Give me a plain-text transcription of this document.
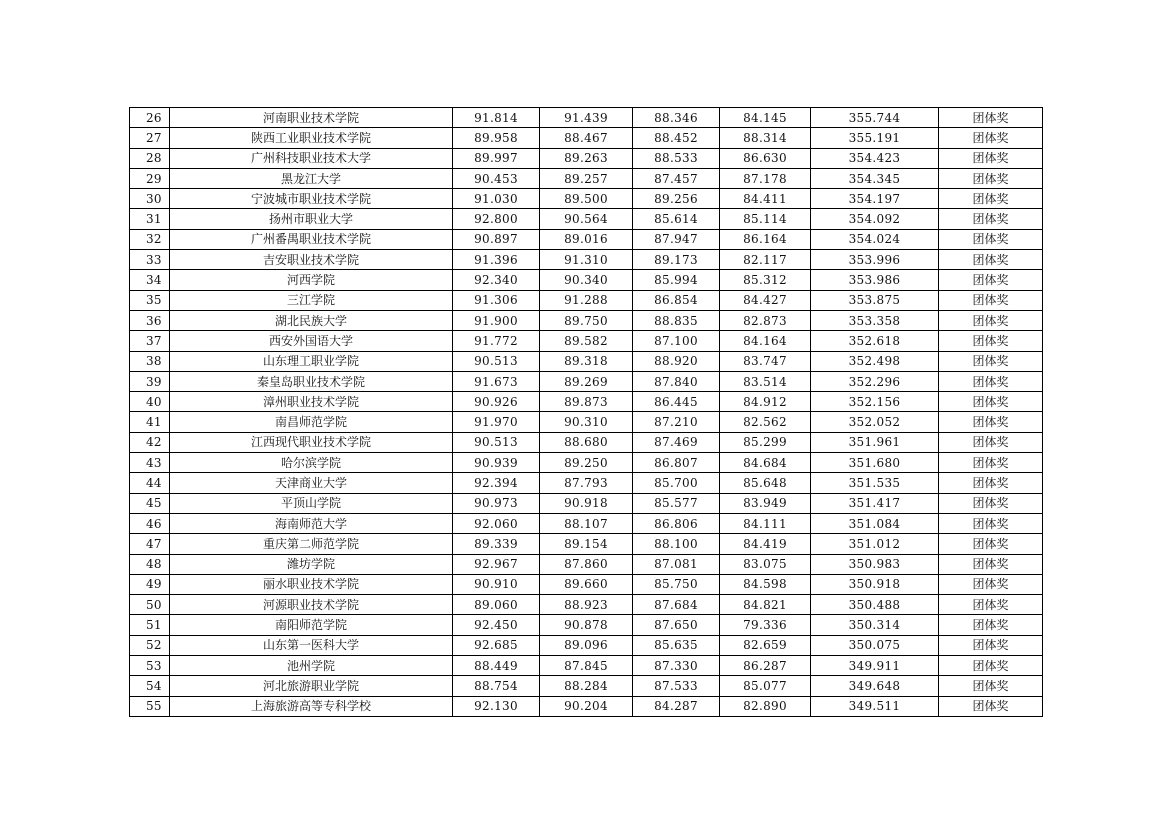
26	河南职业技术学院	91.814	91.439	88.346	84.145	355.744	团体奖
27	陕西工业职业技术学院	89.958	88.467	88.452	88.314	355.191	团体奖
28	广州科技职业技术大学	89.997	89.263	88.533	86.630	354.423	团体奖
29	黑龙江大学	90.453	89.257	87.457	87.178	354.345	团体奖
30	宁波城市职业技术学院	91.030	89.500	89.256	84.411	354.197	团体奖
31	扬州市职业大学	92.800	90.564	85.614	85.114	354.092	团体奖
32	广州番禺职业技术学院	90.897	89.016	87.947	86.164	354.024	团体奖
33	吉安职业技术学院	91.396	91.310	89.173	82.117	353.996	团体奖
34	河西学院	92.340	90.340	85.994	85.312	353.986	团体奖
35	三江学院	91.306	91.288	86.854	84.427	353.875	团体奖
36	湖北民族大学	91.900	89.750	88.835	82.873	353.358	团体奖
37	西安外国语大学	91.772	89.582	87.100	84.164	352.618	团体奖
38	山东理工职业学院	90.513	89.318	88.920	83.747	352.498	团体奖
39	秦皇岛职业技术学院	91.673	89.269	87.840	83.514	352.296	团体奖
40	漳州职业技术学院	90.926	89.873	86.445	84.912	352.156	团体奖
41	南昌师范学院	91.970	90.310	87.210	82.562	352.052	团体奖
42	江西现代职业技术学院	90.513	88.680	87.469	85.299	351.961	团体奖
43	哈尔滨学院	90.939	89.250	86.807	84.684	351.680	团体奖
44	天津商业大学	92.394	87.793	85.700	85.648	351.535	团体奖
45	平顶山学院	90.973	90.918	85.577	83.949	351.417	团体奖
46	海南师范大学	92.060	88.107	86.806	84.111	351.084	团体奖
47	重庆第二师范学院	89.339	89.154	88.100	84.419	351.012	团体奖
48	潍坊学院	92.967	87.860	87.081	83.075	350.983	团体奖
49	丽水职业技术学院	90.910	89.660	85.750	84.598	350.918	团体奖
50	河源职业技术学院	89.060	88.923	87.684	84.821	350.488	团体奖
51	南阳师范学院	92.450	90.878	87.650	79.336	350.314	团体奖
52	山东第一医科大学	92.685	89.096	85.635	82.659	350.075	团体奖
53	池州学院	88.449	87.845	87.330	86.287	349.911	团体奖
54	河北旅游职业学院	88.754	88.284	87.533	85.077	349.648	团体奖
55	上海旅游高等专科学校	92.130	90.204	84.287	82.890	349.511	团体奖
